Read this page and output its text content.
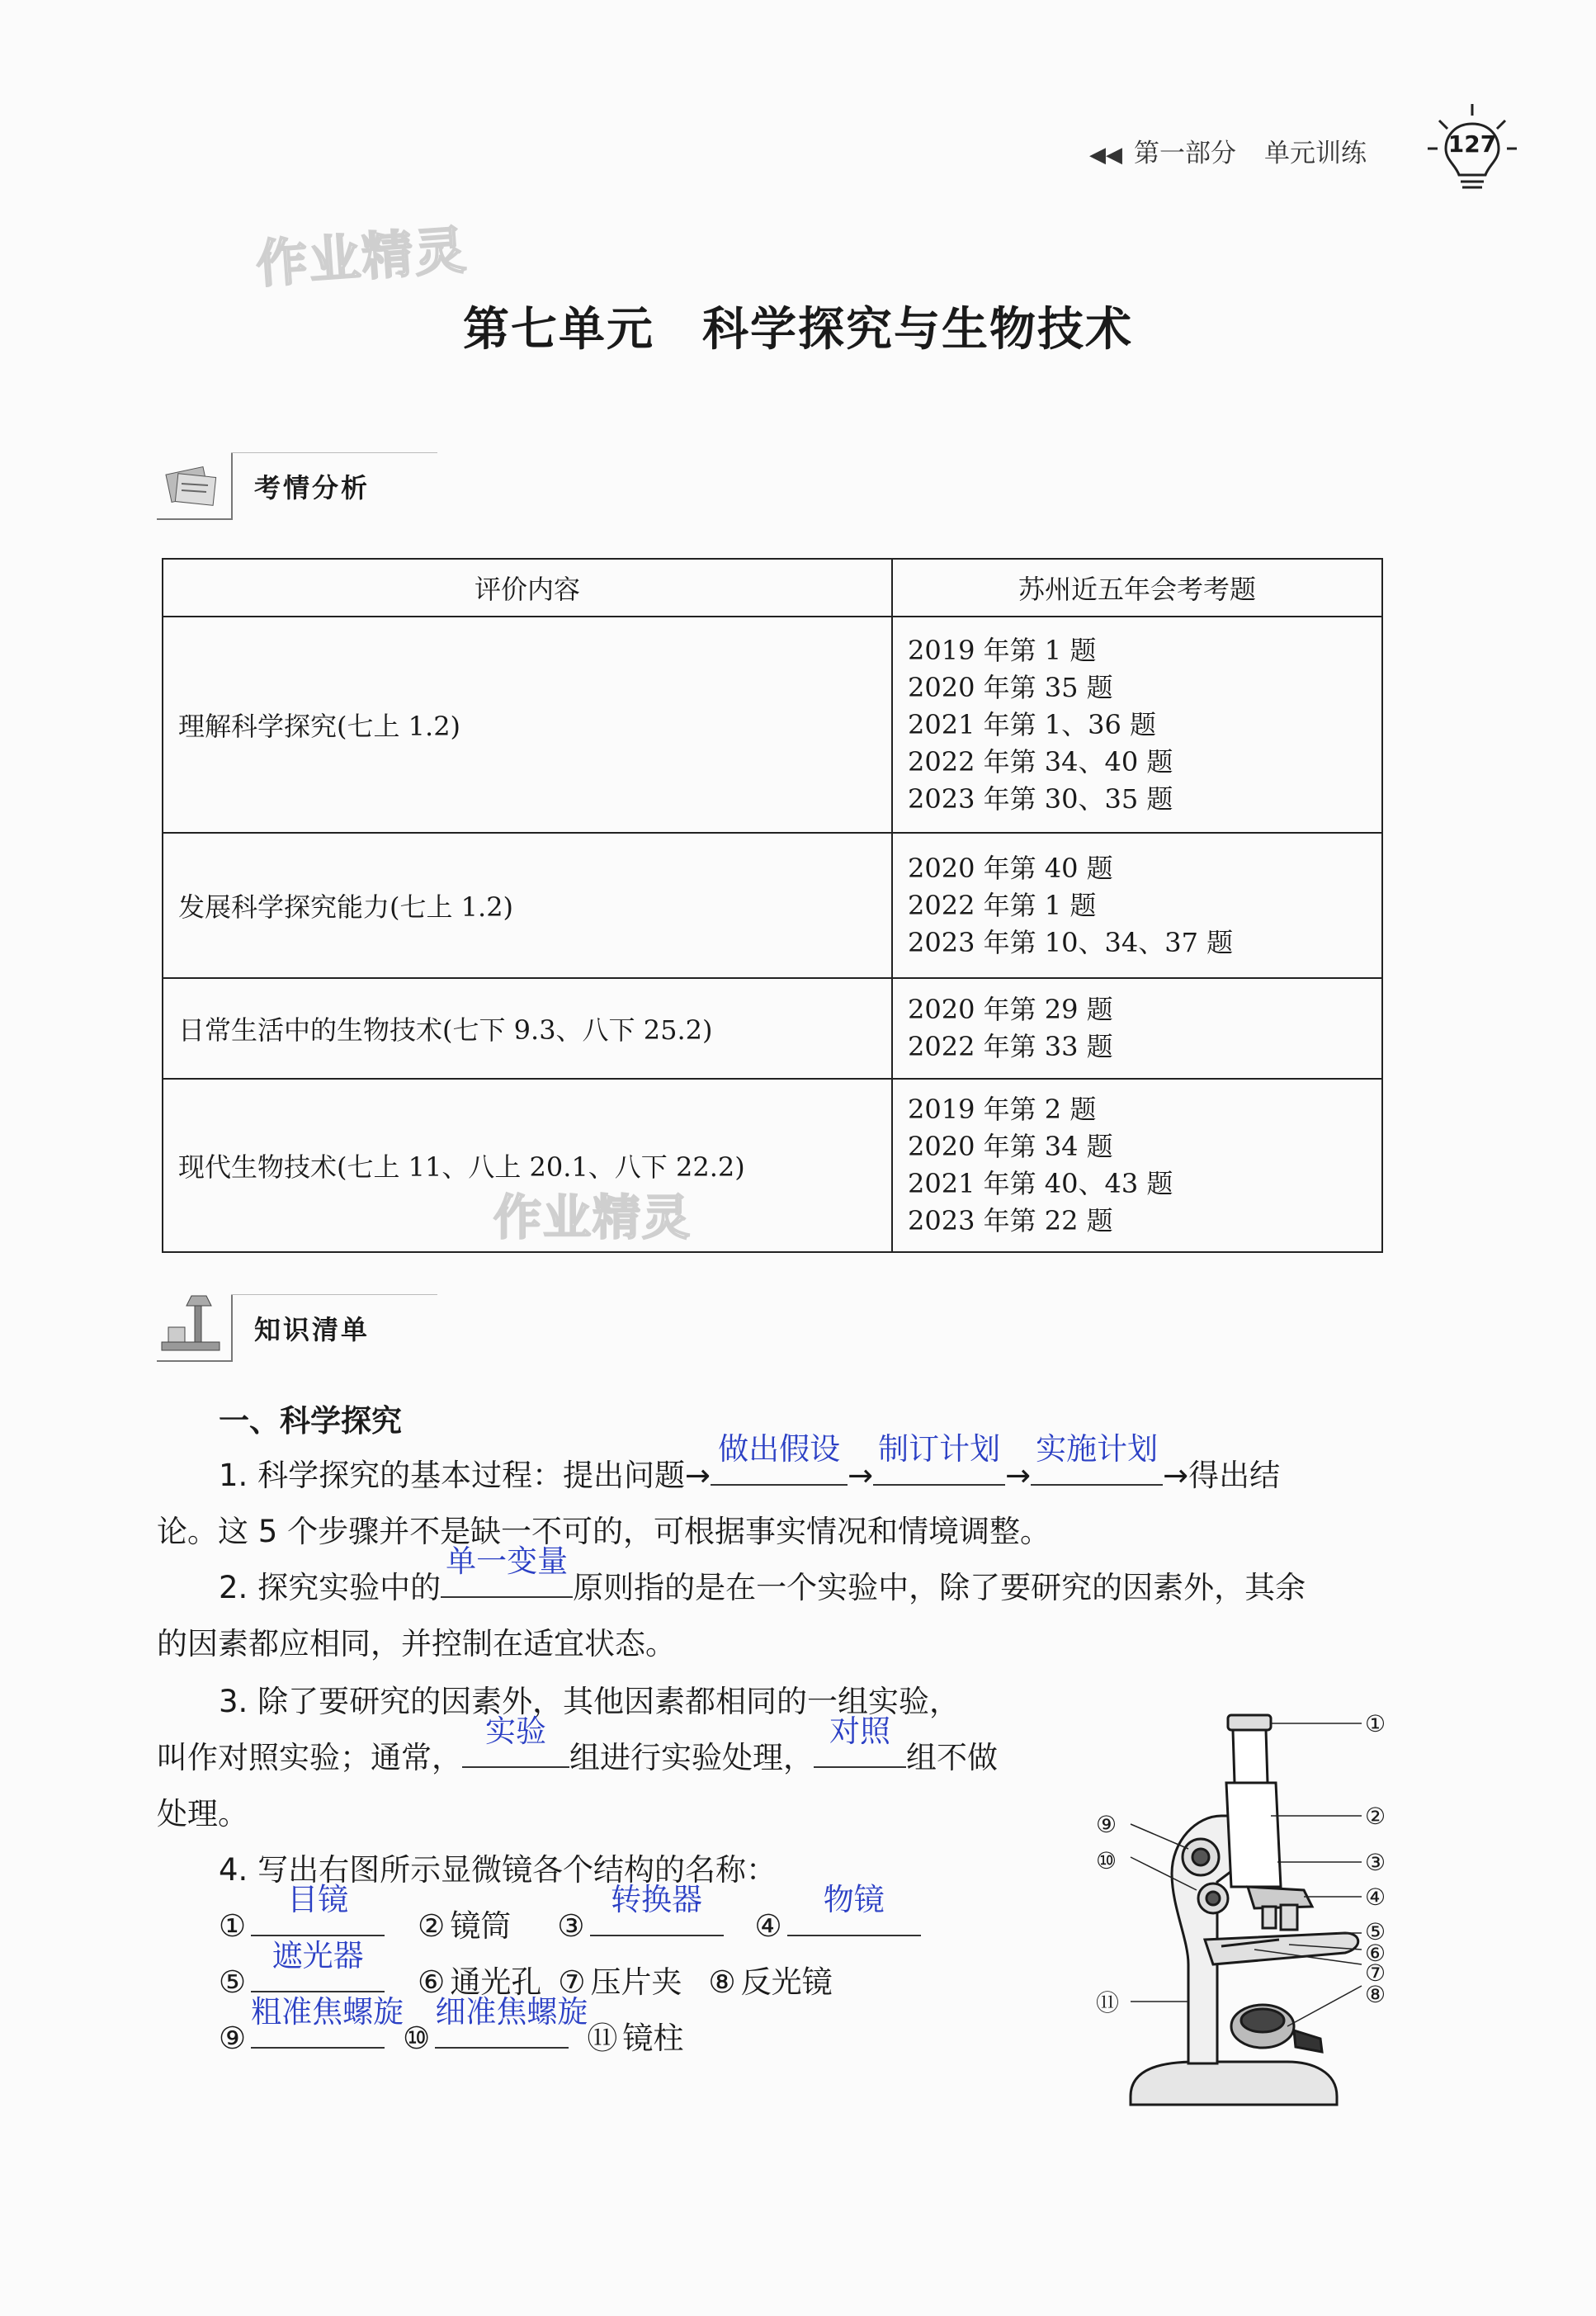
◀◀ 第一部分 单元训练	127
作业精灵
作业精灵
第七单元　科学探究与生物技术
考情分析
评价内容	苏州近五年会考考题
理解科学探究(七上 1.2)	2019 年第 1 题
2020 年第 35 题
2021 年第 1、36 题
2022 年第 34、40 题
2023 年第 30、35 题

发展科学探究能力(七上 1.2)	2020 年第 40 题
2022 年第 1 题
2023 年第 10、34、37 题

日常生活中的生物技术(七下 9.3、八下 25.2)	2020 年第 29 题
2022 年第 33 题

现代生物技术(七上 11、八上 20.1、八下 22.2)	2019 年第 2 题
2020 年第 34 题
2021 年第 40、43 题
2023 年第 22 题
知识清单
一、科学探究
1. 科学探究的基本过程：提出问题→
做出假设
→
制订计划
→
实施计划
→得出结
论。这 5 个步骤并不是缺一不可的，可根据事实情况和情境调整。
2. 探究实验中的
单一变量
原则指的是在一个实验中，除了要研究的因素外，其余
的因素都应相同，并控制在适宜状态。
3. 除了要研究的因素外，其他因素都相同的一组实验，
叫作对照实验；通常，
实验
组进行实验处理，
对照
组不做
处理。
4. 写出右图所示显微镜各个结构的名称：
①
目镜
② 镜筒 ③
转换器
④
物镜
⑤
遮光器
⑥ 通光孔 ⑦ 压片夹 ⑧ 反光镜
⑨
粗准焦螺旋
⑩
细准焦螺旋
⑪ 镜柱
①
②
③
④
⑤
⑥
⑦
⑧
⑨
⑩
⑪
